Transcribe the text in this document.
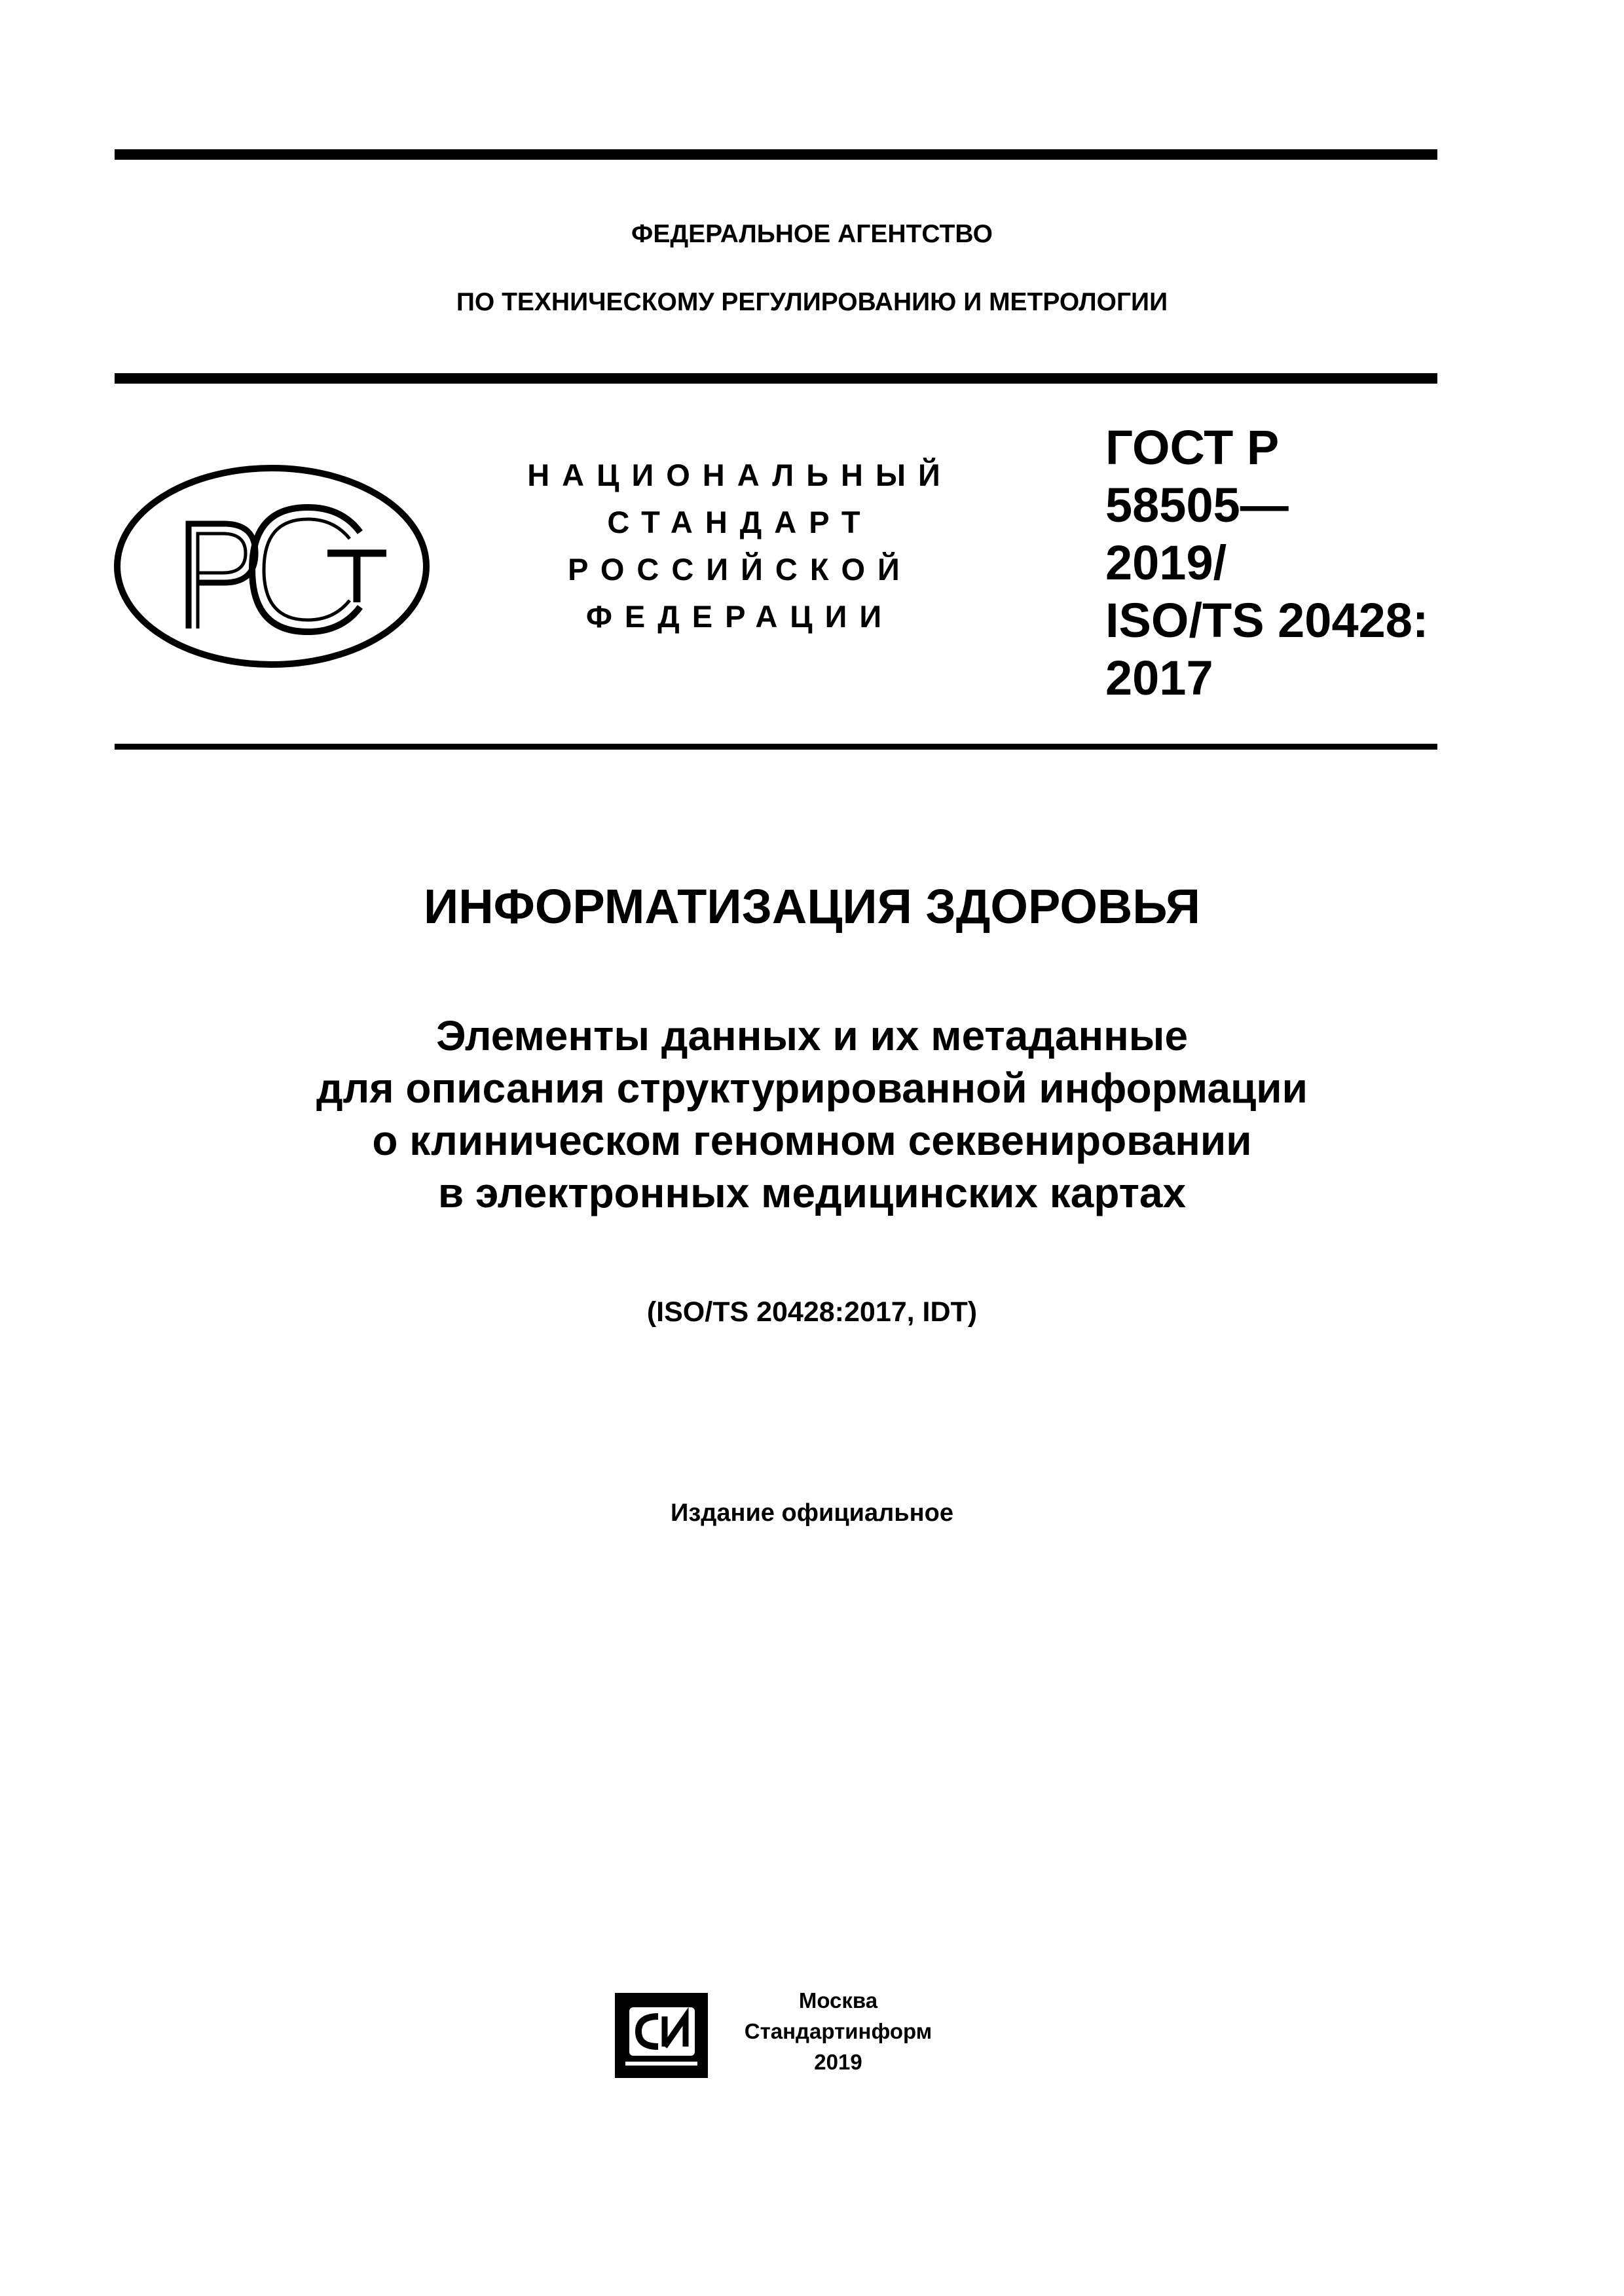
ФЕДЕРАЛЬНОЕ АГЕНТСТВО
ПО ТЕХНИЧЕСКОМУ РЕГУЛИРОВАНИЮ И МЕТРОЛОГИИ
НАЦИОНАЛЬНЫЙ
СТАНДАРТ
РОССИЙСКОЙ
ФЕДЕРАЦИИ
ГОСТ Р
58505—
2019/
ISO/TS 20428:
2017
ИНФОРМАТИЗАЦИЯ ЗДОРОВЬЯ
Элементы данных и их метаданные
для описания структурированной информации
о клиническом геномном секвенировании
в электронных медицинских картах
(ISO/TS 20428:2017, IDT)
Издание официальное
Москва
Стандартинформ
2019
